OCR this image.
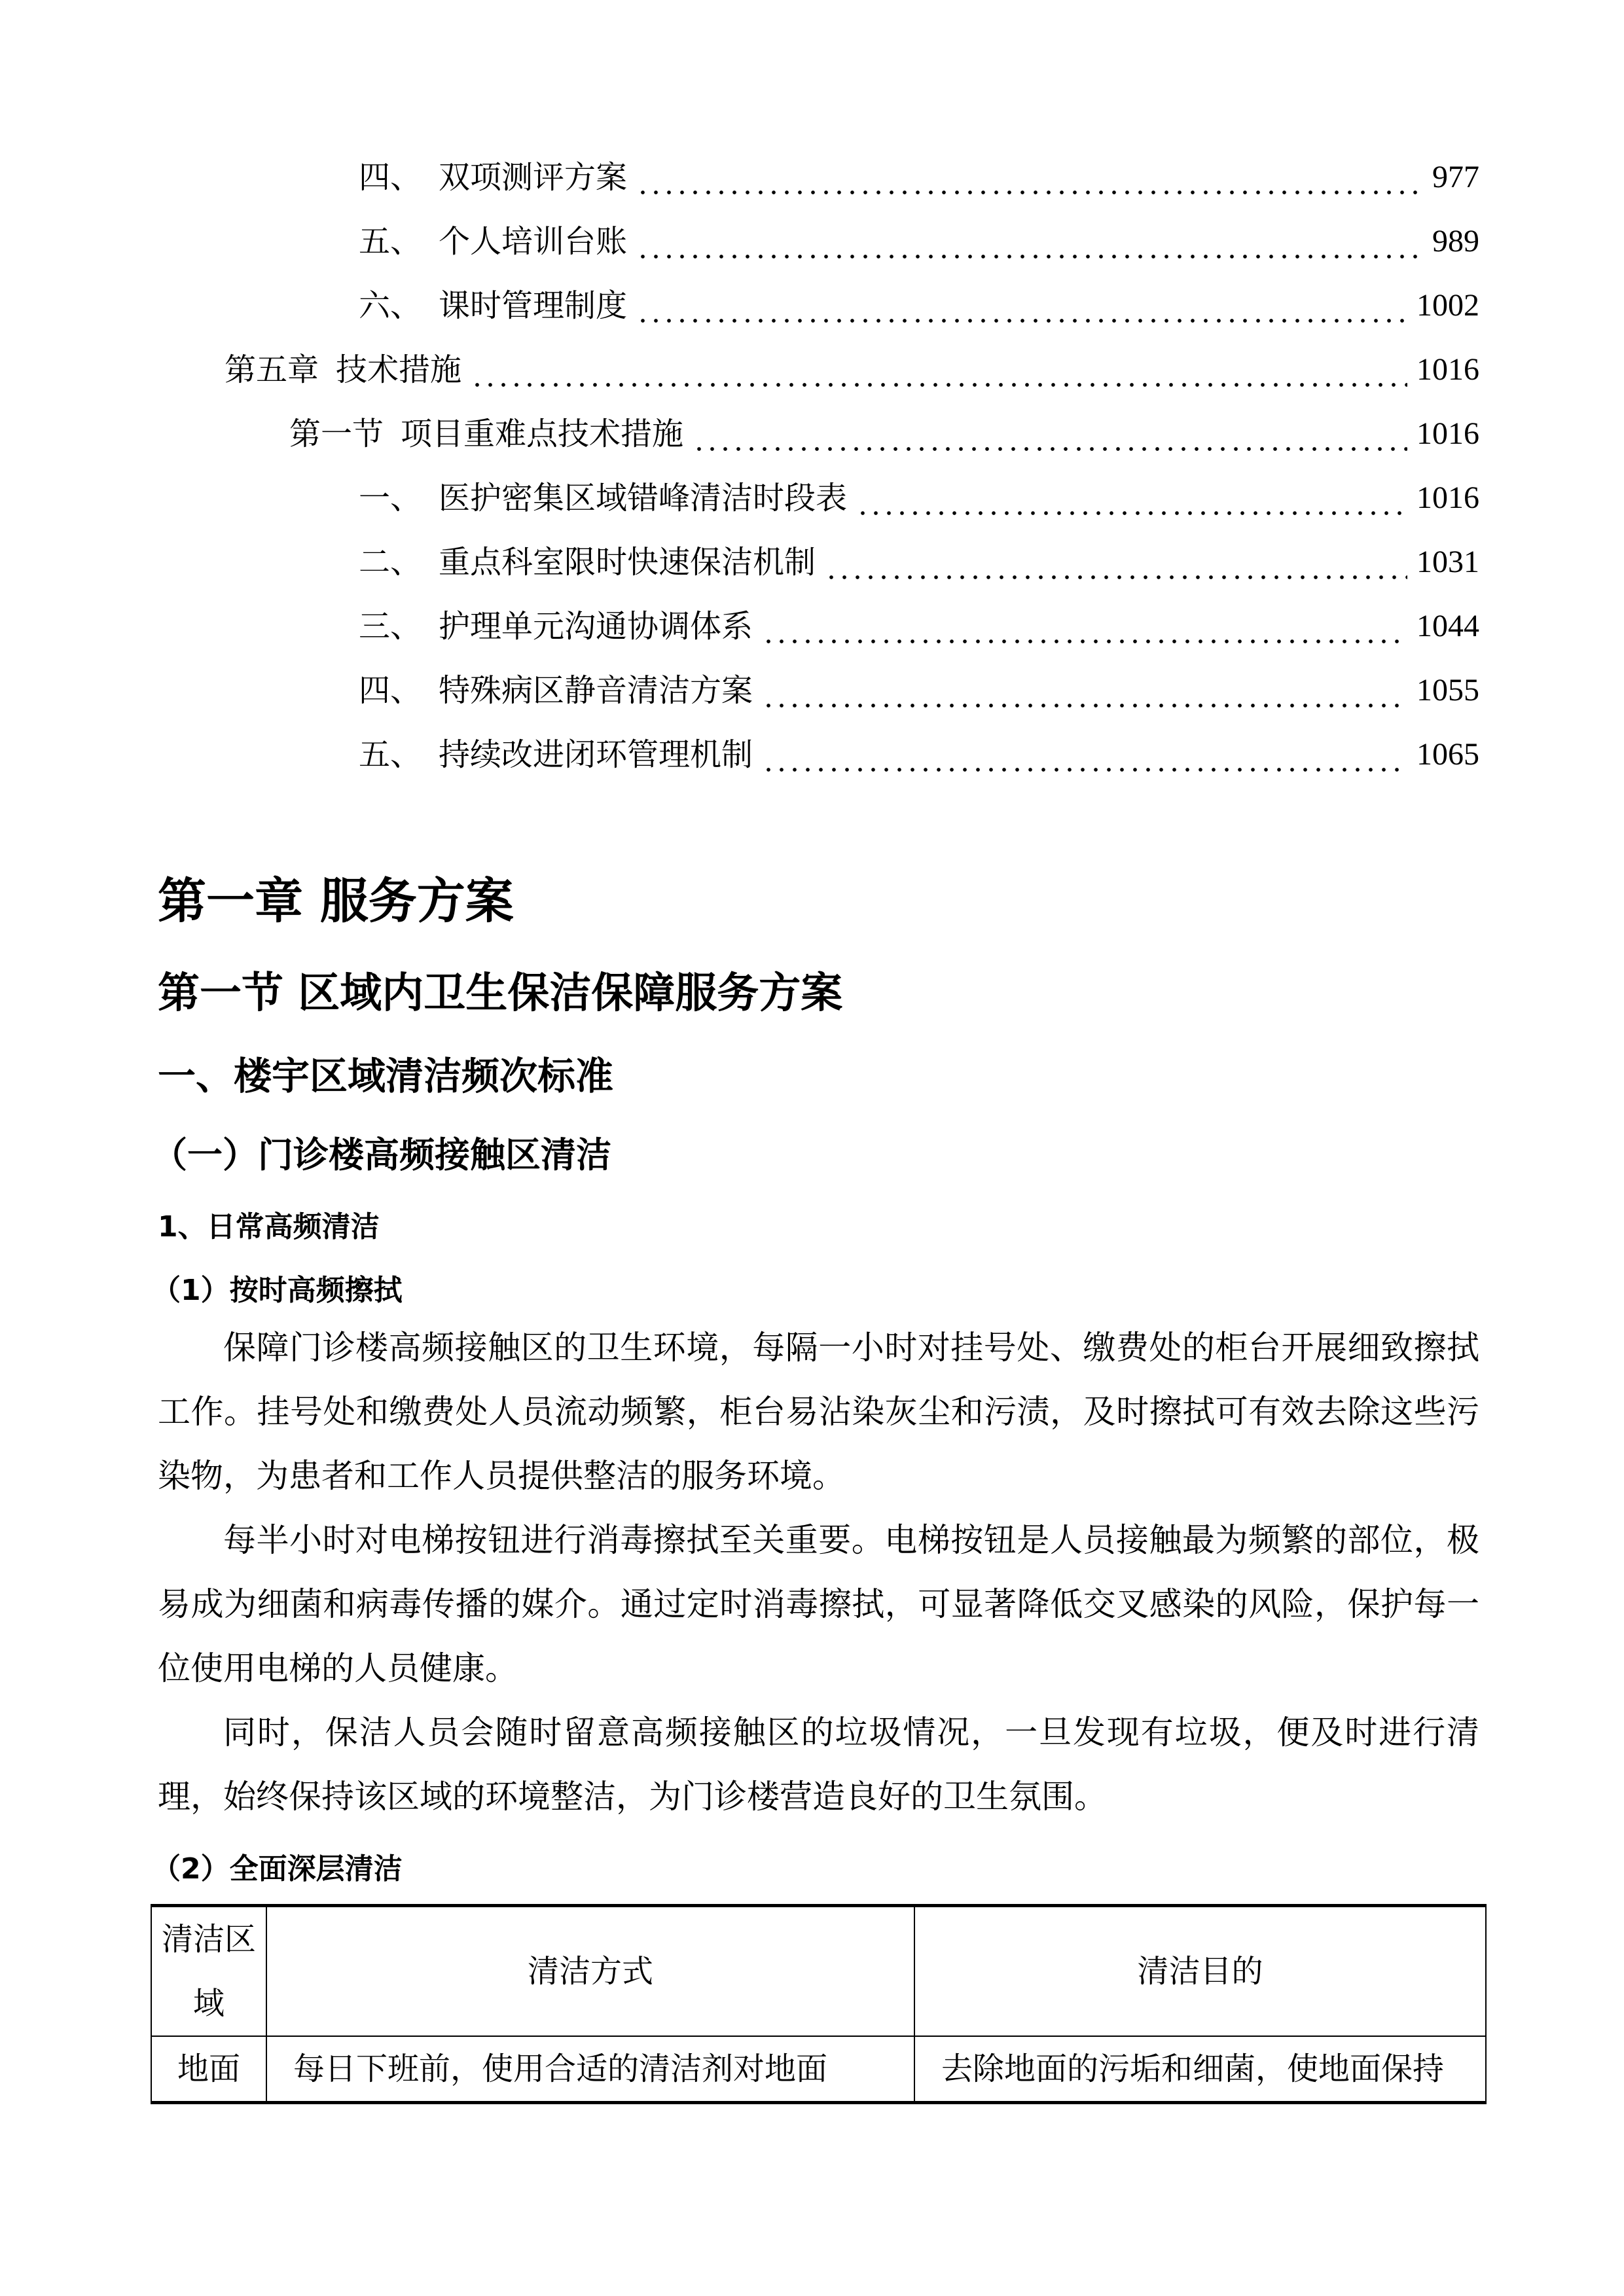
四、 双项测评方案	977
五、 个人培训台账	989
六、 课时管理制度	1002
第五章 技术措施	1016
第一节 项目重难点技术措施	1016
一、 医护密集区域错峰清洁时段表	1016
二、 重点科室限时快速保洁机制	1031
三、 护理单元沟通协调体系	1044
四、 特殊病区静音清洁方案	1055
五、 持续改进闭环管理机制	1065
第一章 服务方案
第一节 区域内卫生保洁保障服务方案
一、楼宇区域清洁频次标准
（一）门诊楼高频接触区清洁
1、日常高频清洁
（1）按时高频擦拭

保障门诊楼高频接触区的卫生环境，每隔一小时对挂号处、缴费处的柜台开展细致擦拭工作。挂号处和缴费处人员流动频繁，柜台易沾染灰尘和污渍，及时擦拭可有效去除这些污染物，为患者和工作人员提供整洁的服务环境。

每半小时对电梯按钮进行消毒擦拭至关重要。电梯按钮是人员接触最为频繁的部位，极易成为细菌和病毒传播的媒介。通过定时消毒擦拭，可显著降低交叉感染的风险，保护每一位使用电梯的人员健康。

同时，保洁人员会随时留意高频接触区的垃圾情况，一旦发现有垃圾，便及时进行清理，始终保持该区域的环境整洁，为门诊楼营造良好的卫生氛围。

（2）全面深层清洁
清洁区域	清洁方式	清洁目的
地面	每日下班前，使用合适的清洁剂对地面	去除地面的污垢和细菌，使地面保持
